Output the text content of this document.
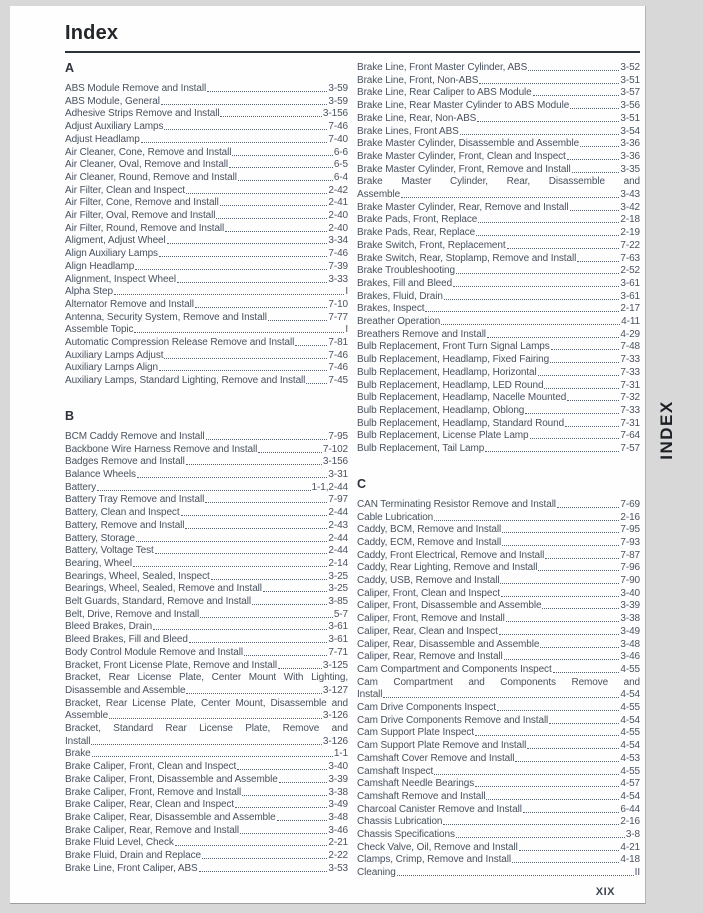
Index
A
ABS Module Remove and Install	3-59
ABS Module, General	3-59
Adhesive Strips Remove and Install	3-156
Adjust Auxiliary Lamps	7-46
Adjust Headlamp	7-40
Air Cleaner, Cone, Remove and Install	6-6
Air Cleaner, Oval, Remove and Install	6-5
Air Cleaner, Round, Remove and Install	6-4
Air Filter, Clean and Inspect	2-42
Air Filter, Cone, Remove and Install	2-41
Air Filter, Oval, Remove and Install	2-40
Air Filter, Round, Remove and Install	2-40
Aligment, Adjust Wheel	3-34
Align Auxiliary Lamps	7-46
Align Headlamp	7-39
Alignment, Inspect Wheel	3-33
Alpha Step	I
Alternator Remove and Install	7-10
Antenna, Security System, Remove and Install	7-77
Assemble Topic	I
Automatic Compression Release Remove and Install	7-81
Auxiliary Lamps Adjust	7-46
Auxiliary Lamps Align	7-46
Auxiliary Lamps, Standard Lighting, Remove and Install 7-45
B
BCM Caddy Remove and Install	7-95
Backbone Wire Harness Remove and Install	7-102
Badges Remove and Install	3-156
Balance Wheels	3-31
Battery	1-1,2-44
Battery Tray Remove and Install	7-97
Battery, Clean and Inspect	2-44
Battery, Remove and Install	2-43
Battery, Storage	2-44
Battery, Voltage Test	2-44
Bearing, Wheel	2-14
Bearings, Wheel, Sealed, Inspect	3-25
Bearings, Wheel, Sealed, Remove and Install	3-25
Belt Guards, Standard, Remove and Install	3-85
Belt, Drive, Remove and Install	5-7
Bleed Brakes, Drain	3-61
Bleed Brakes, Fill and Bleed	3-61
Body Control Module Remove and Install	7-71
Bracket, Front License Plate, Remove and Install	3-125
Bracket, Rear License Plate, Center Mount With Lighting,
Disassemble and Assemble	3-127
Bracket, Rear License Plate, Center Mount, Disassemble and
Assemble	3-126
Bracket, Standard Rear License Plate, Remove and
Install	3-126
Brake	1-1
Brake Caliper, Front, Clean and Inspect	3-40
Brake Caliper, Front, Disassemble and Assemble	3-39
Brake Caliper, Front, Remove and Install	3-38
Brake Caliper, Rear, Clean and Inspect	3-49
Brake Caliper, Rear, Disassemble and Assemble	3-48
Brake Caliper, Rear, Remove and Install	3-46
Brake Fluid Level, Check	2-21
Brake Fluid, Drain and Replace	2-22
Brake Line, Front Caliper, ABS	3-53
Brake Line, Front Master Cylinder, ABS	3-52
Brake Line, Front, Non-ABS	3-51
Brake Line, Rear Caliper to ABS Module	3-57
Brake Line, Rear Master Cylinder to ABS Module	3-56
Brake Line, Rear, Non-ABS	3-51
Brake Lines, Front ABS	3-54
Brake Master Cylinder, Disassemble and Assemble	3-36
Brake Master Cylinder, Front, Clean and Inspect	3-36
Brake Master Cylinder, Front, Remove and Install	3-35
Brake Master Cylinder, Rear, Disassemble and
Assemble	3-43
Brake Master Cylinder, Rear, Remove and Install	3-42
Brake Pads, Front, Replace	2-18
Brake Pads, Rear, Replace	2-19
Brake Switch, Front, Replacement	7-22
Brake Switch, Rear, Stoplamp, Remove and Install	7-63
Brake Troubleshooting	2-52
Brakes, Fill and Bleed	3-61
Brakes, Fluid, Drain	3-61
Brakes, Inspect	2-17
Breather Operation	4-11
Breathers Remove and Install	4-29
Bulb Replacement, Front Turn Signal Lamps	7-48
Bulb Replacement, Headlamp, Fixed Fairing	7-33
Bulb Replacement, Headlamp, Horizontal	7-33
Bulb Replacement, Headlamp, LED Round	7-31
Bulb Replacement, Headlamp, Nacelle Mounted	7-32
Bulb Replacement, Headlamp, Oblong	7-33
Bulb Replacement, Headlamp, Standard Round	7-31
Bulb Replacement, License Plate Lamp	7-64
Bulb Replacement, Tail Lamp	7-57
C
CAN Terminating Resistor Remove and Install	7-69
Cable Lubrication	2-16
Caddy, BCM, Remove and Install	7-95
Caddy, ECM, Remove and Install	7-93
Caddy, Front Electrical, Remove and Install	7-87
Caddy, Rear Lighting, Remove and Install	7-96
Caddy, USB, Remove and Install	7-90
Caliper, Front, Clean and Inspect	3-40
Caliper, Front, Disassemble and Assemble	3-39
Caliper, Front, Remove and Install	3-38
Caliper, Rear, Clean and Inspect	3-49
Caliper, Rear, Disassemble and Assemble	3-48
Caliper, Rear, Remove and Install	3-46
Cam Compartment and Components Inspect	4-55
Cam Compartment and Components Remove and
Install	4-54
Cam Drive Components Inspect	4-55
Cam Drive Components Remove and Install	4-54
Cam Support Plate Inspect	4-55
Cam Support Plate Remove and Install	4-54
Camshaft Cover Remove and Install	4-53
Camshaft Inspect	4-55
Camshaft Needle Bearings	4-57
Camshaft Remove and Install	4-54
Charcoal Canister Remove and Install	6-44
Chassis Lubrication	2-16
Chassis Specifications	3-8
Check Valve, Oil, Remove and Install	4-21
Clamps, Crimp, Remove and Install	4-18
Cleaning	II
XIX
INDEX
